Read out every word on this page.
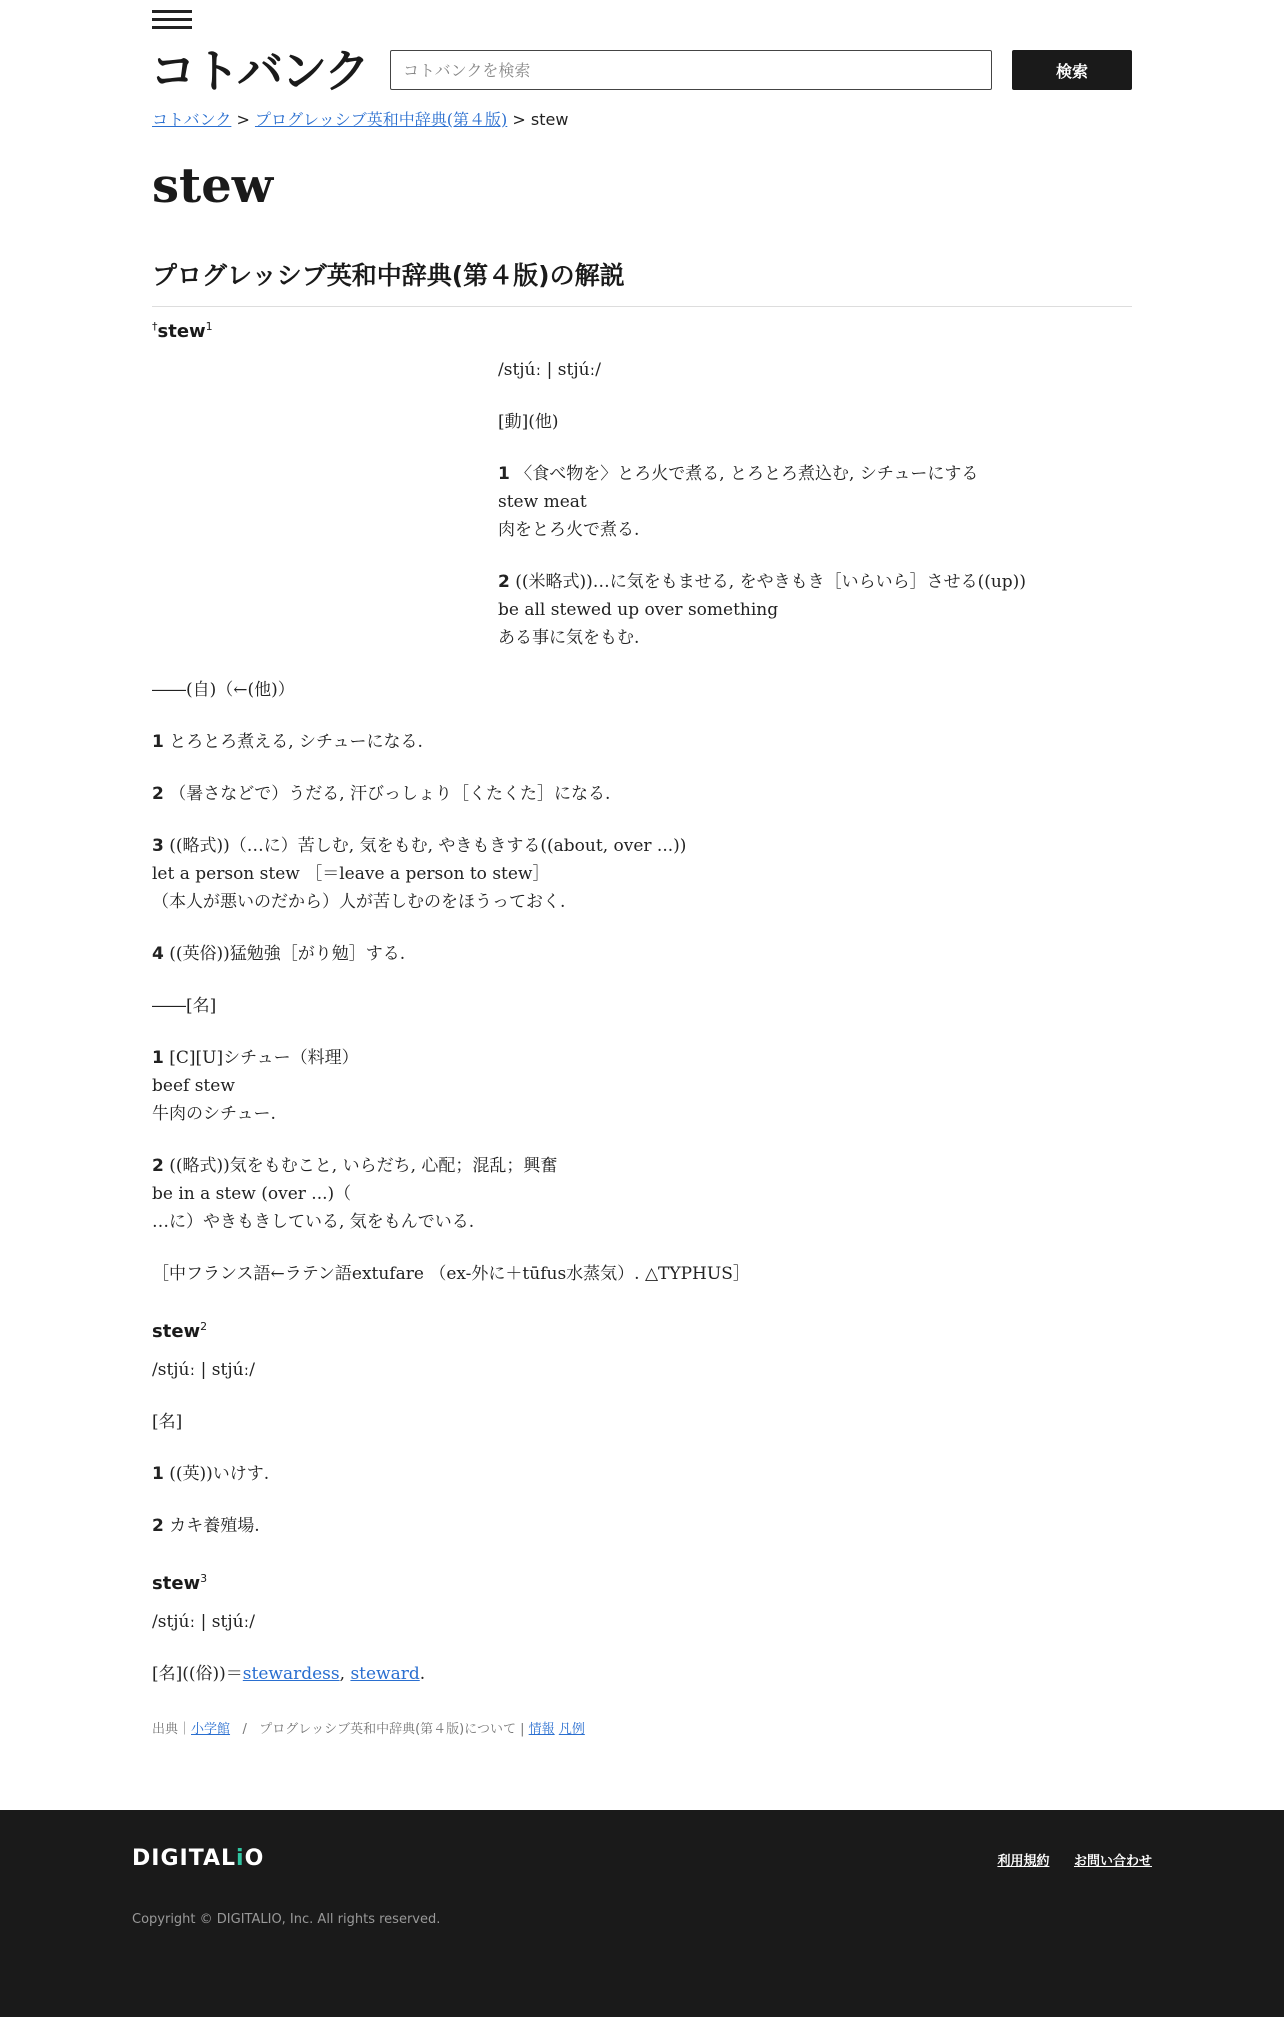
コトバンク
コトバンクを検索	検索
コトバンク > プログレッシブ英和中辞典(第４版) > stew
stew
プログレッシブ英和中辞典(第４版)の解説
†stew$^1$
/stjúː | stjúː/
[動](他)
1 〈食べ物を〉とろ火で煮る, とろとろ煮込む, シチューにする
stew meat
肉をとろ火で煮る.
2 ((米略式))…に気をもませる, をやきもき［いらいら］させる((up))
be all stewed up over something
ある事に気をもむ.
――(自)（←(他)）
1 とろとろ煮える, シチューになる.
2 （暑さなどで）うだる, 汗びっしょり［くたくた］になる.
3 ((略式))（…に）苦しむ, 気をもむ, やきもきする((about, over ...))
let a person stew ［＝leave a person to stew］
（本人が悪いのだから）人が苦しむのをほうっておく.
4 ((英俗))猛勉強［がり勉］する.
――[名]
1 [C][U]シチュー（料理）
beef stew
牛肉のシチュー.
2 ((略式))気をもむこと, いらだち, 心配；混乱；興奮
be in a stew (over ...)（
…に）やきもきしている, 気をもんでいる.
［中フランス語←ラテン語extufare （ex-外に＋tūfus水蒸気）. △TYPHUS］
stew$^2$
/stjúː | stjúː/
[名]
1 ((英))いけす.
2 カキ養殖場.
stew$^3$
/stjúː | stjúː/
[名]((俗))＝stewardess, steward.
出典｜小学館 / プログレッシブ英和中辞典(第４版)について | 情報 凡例
DIGITALiO	利用規約 お問い合わせ
Copyright © DIGITALIO, Inc. All rights reserved.
